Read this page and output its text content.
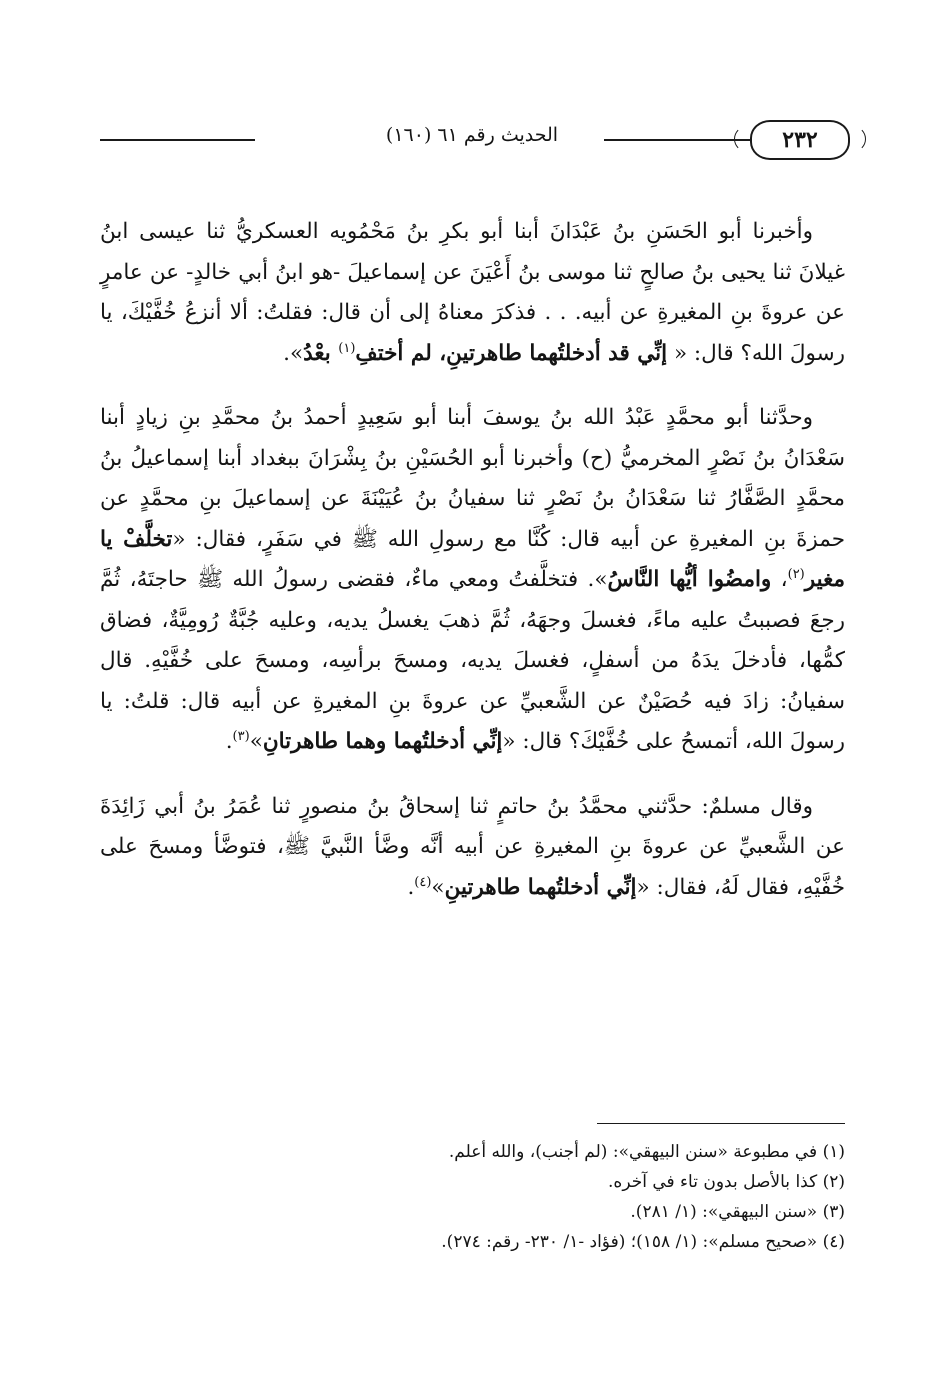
٢٣٢
الحديث رقم ٦١ (١٦٠)

وأخبرنا أبو الحَسَنِ بنُ عَبْدَانَ أبنا أبو بكرِ بنُ مَحْمُويه العسكريُّ ثنا عيسى ابنُ غيلانَ ثنا يحيى بنُ صالحٍ ثنا موسى بنُ أَعْيَنَ عن إسماعيلَ -هو ابنُ أبي خالدٍ- عن عامرٍ عن عروةَ بنِ المغيرةِ عن أبيه. . . فذكرَ معناهُ إلى أن قال: فقلتُ: ألا أنزعُ خُفَّيْكَ، يا رسولَ الله؟ قال: « إنِّي قد أدخلتُهما طاهرتينِ، لم أختفِ$^{(١)}$ بعْدُ».

وحدَّثنا أبو محمَّدٍ عَبْدُ الله بنُ يوسفَ أبنا أبو سَعِيدٍ أحمدُ بنُ محمَّدِ بنِ زيادٍ أبنا سَعْدَانُ بنُ نَصْرٍ المخرميُّ (ح) وأخبرنا أبو الحُسَيْنِ بنُ بِشْرَانَ ببغداد أبنا إسماعيلُ بنُ محمَّدٍ الصَّفَّارُ ثنا سَعْدَانُ بنُ نَصْرٍ ثنا سفيانُ بنُ عُيَيْنَةَ عن إسماعيلَ بنِ محمَّدٍ عن حمزةَ بنِ المغيرةِ عن أبيه قال: كُنَّا مع رسولِ الله ﷺ في سَفَرٍ، فقال: «تخلَّفْ يا مغير$^{(٢)}$، وامضُوا أيُّها النَّاسُ». فتخلَّفتُ ومعي ماءٌ، فقضى رسولُ الله ﷺ حاجتَهُ، ثُمَّ رجعَ فصببتُ عليه ماءً، فغسلَ وجهَهُ، ثُمَّ ذهبَ يغسلُ يديه، وعليه جُبَّةٌ رُومِيَّةٌ، فضاق كمُّها، فأدخلَ يدَهُ من أسفلٍ، فغسلَ يديه، ومسحَ برأسِه، ومسحَ على خُفَّيْهِ. قال سفيانُ: زادَ فيه حُصَيْنٌ عن الشَّعبيِّ عن عروةَ بنِ المغيرةِ عن أبيه قال: قلتُ: يا رسولَ الله، أتمسحُ على خُفَّيْكَ؟ قال: «إنِّي أدخلتُهما وهما طاهرتانِ»$^{(٣)}$.

وقال مسلمٌ: حدَّثني محمَّدُ بنُ حاتمٍ ثنا إسحاقُ بنُ منصورٍ ثنا عُمَرُ بنُ أبي زَائِدَةَ عن الشَّعبيِّ عن عروةَ بنِ المغيرةِ عن أبيه أنَّه وضَّأ النَّبيَّ ﷺ، فتوضَّأ ومسحَ على خُفَّيْهِ، فقال لَهُ، فقال: «إنِّي أدخلتُهما طاهرتينِ»$^{(٤)}$.

(١) في مطبوعة «سنن البيهقي»: (لم أجنب)، والله أعلم.

(٢) كذا بالأصل بدون تاء في آخره.

(٣) «سنن البيهقي»: (١/ ٢٨١).

(٤) «صحيح مسلم»: (١/ ١٥٨)؛ (فؤاد -١/ ٢٣٠- رقم: ٢٧٤).
